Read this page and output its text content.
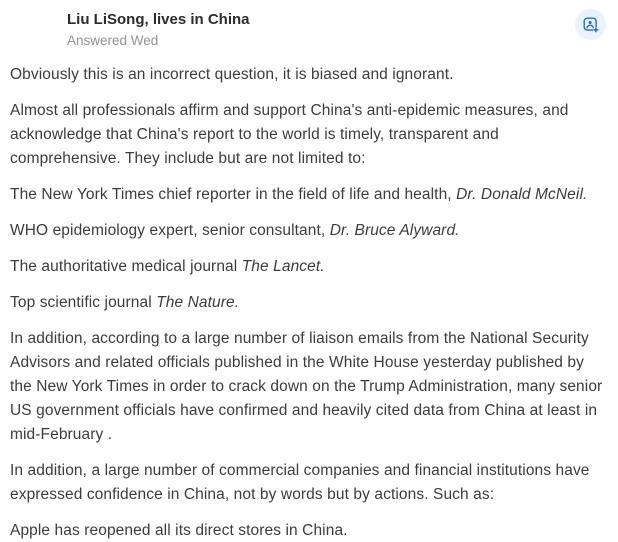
Liu LiSong, lives in China
Answered Wed

Obviously this is an incorrect question, it is biased and ignorant.

Almost all professionals affirm and support China's anti-epidemic measures, and acknowledge that China's report to the world is timely, transparent and comprehensive. They include but are not limited to:

The New York Times chief reporter in the field of life and health, Dr. Donald McNeil.

WHO epidemiology expert, senior consultant, Dr. Bruce Alyward.

The authoritative medical journal The Lancet.

Top scientific journal The Nature.

In addition, according to a large number of liaison emails from the National Security Advisors and related officials published in the White House yesterday published by the New York Times in order to crack down on the Trump Administration, many senior US government officials have confirmed and heavily cited data from China at least in mid-February .

In addition, a large number of commercial companies and financial institutions have expressed confidence in China, not by words but by actions. Such as:

Apple has reopened all its direct stores in China.
